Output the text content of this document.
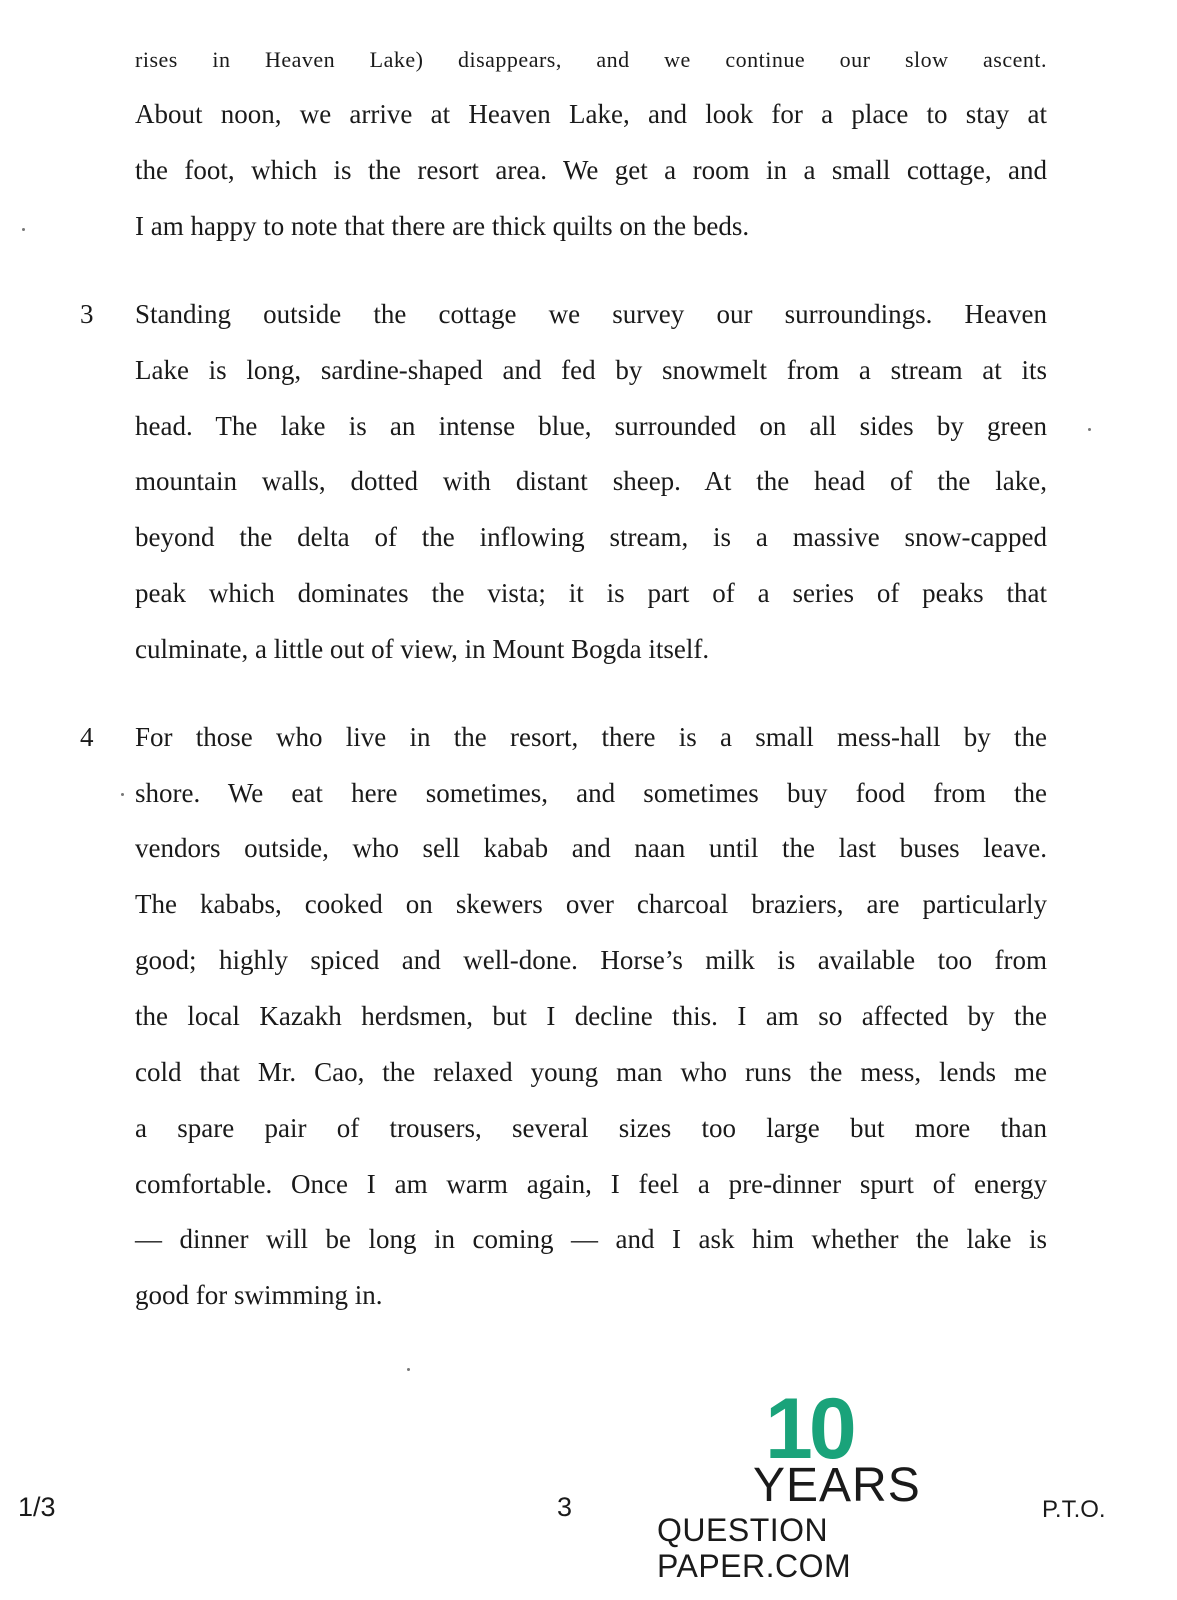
rises in Heaven Lake) disappears, and we continue our slow ascent.
About noon, we arrive at Heaven Lake, and look for a place to stay at
the foot, which is the resort area. We get a room in a small cottage, and
I am happy to note that there are thick quilts on the beds.
3 Standing outside the cottage we survey our surroundings. Heaven
Lake is long, sardine-shaped and fed by snowmelt from a stream at its
head. The lake is an intense blue, surrounded on all sides by green
mountain walls, dotted with distant sheep. At the head of the lake,
beyond the delta of the inflowing stream, is a massive snow-capped
peak which dominates the vista; it is part of a series of peaks that
culminate, a little out of view, in Mount Bogda itself.
4 For those who live in the resort, there is a small mess-hall by the
shore. We eat here sometimes, and sometimes buy food from the
vendors outside, who sell kabab and naan until the last buses leave.
The kababs, cooked on skewers over charcoal braziers, are particularly
good; highly spiced and well-done. Horse’s milk is available too from
the local Kazakh herdsmen, but I decline this. I am so affected by the
cold that Mr. Cao, the relaxed young man who runs the mess, lends me
a spare pair of trousers, several sizes too large but more than
comfortable. Once I am warm again, I feel a pre-dinner spurt of energy
— dinner will be long in coming — and I ask him whether the lake is
good for swimming in.
1/3	3	P.T.O.
10
YEARS
QUESTION PAPER.COM
